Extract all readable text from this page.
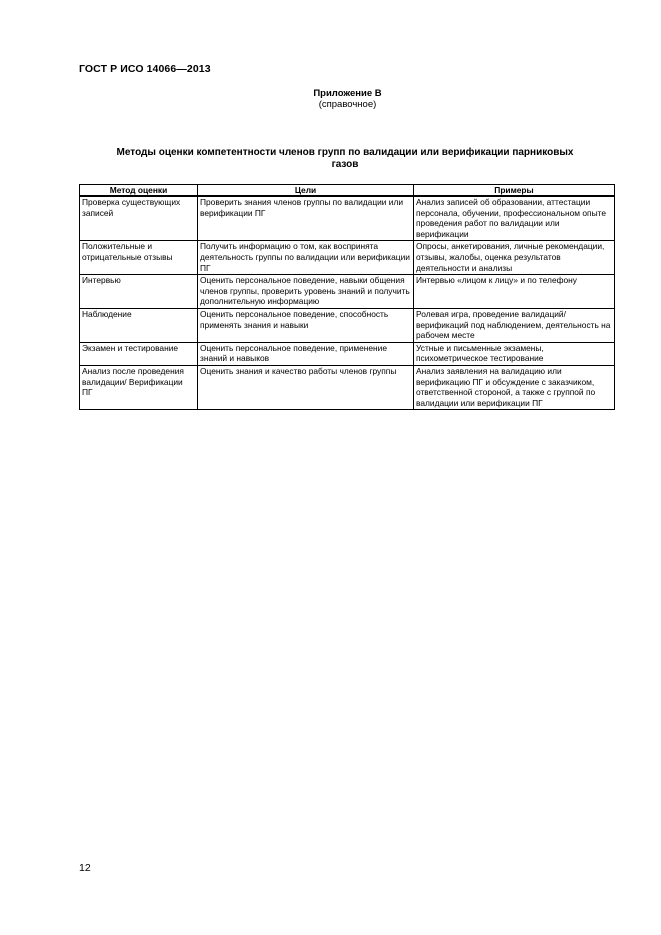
ГОСТ Р ИСО 14066—2013
Приложение В
(справочное)
Методы оценки компетентности членов групп по валидации или верификации парниковых газов
Метод оценки	Цели	Примеры
Проверка существующих записей	Проверить знания членов группы по валидации или верификации ПГ	Анализ записей об образовании, аттестации персонала, обучении, профессиональном опыте проведения работ по валидации или верификации
Положительные и отрицательные отзывы	Получить информацию о том, как воспринята деятельность группы по валидации или верификации ПГ	Опросы, анкетирования, личные рекомендации, отзывы, жалобы, оценка результатов деятельности и анализы
Интервью	Оценить персональное поведение, навыки общения членов группы, проверить уровень знаний и получить дополнительную информацию	Интервью «лицом к лицу» и по телефону
Наблюдение	Оценить персональное поведение, способность применять знания и навыки	Ролевая игра, проведение валидаций/верификаций под наблюдением, деятельность на рабочем месте
Экзамен и тестирование	Оценить персональное поведение, применение знаний и навыков	Устные и письменные экзамены, психометрическое тестирование
Анализ после проведения валидации/ Верификации ПГ	Оценить знания и качество работы членов группы	Анализ заявления на валидацию или верификацию ПГ и обсуждение с заказчиком, ответственной стороной, а также с группой по валидации или верификации ПГ
12
